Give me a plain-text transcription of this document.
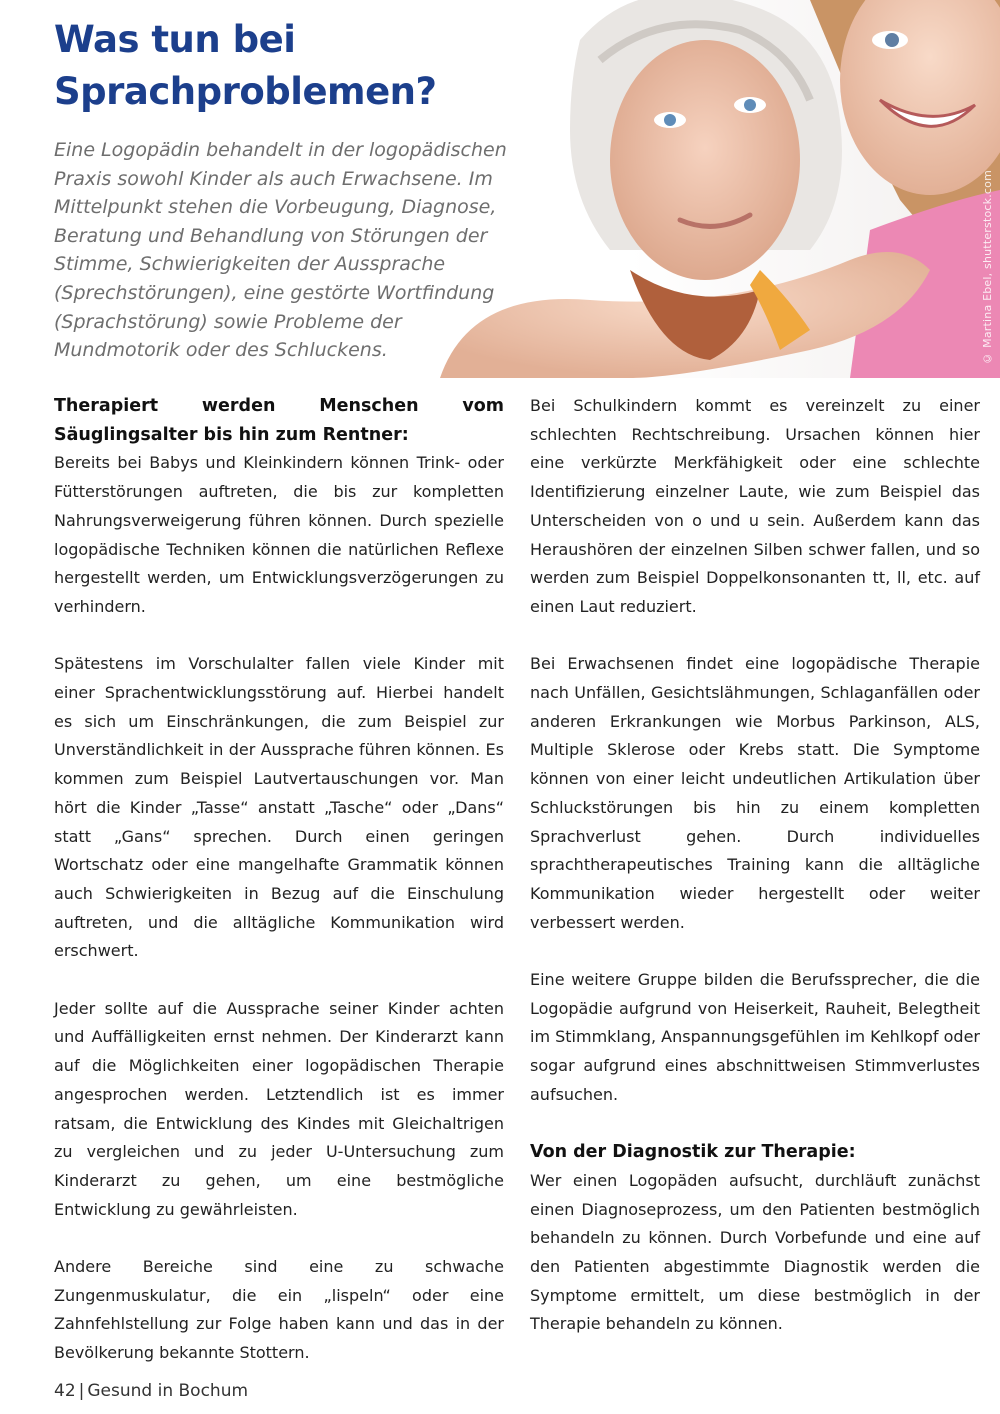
© Martina Ebel, shutterstock.com
Was tun bei
Sprachproblemen?

Eine Logopädin behandelt in der logopädischen Praxis sowohl Kinder als auch Erwachsene. Im Mittelpunkt stehen die Vorbeugung, Diagnose, Beratung und Behandlung von Störungen der Stimme, Schwierigkeiten der Aussprache (Sprechstörungen), eine gestörte Wortfindung (Sprachstörung) sowie Probleme der Mundmotorik oder des Schluckens.

Therapiert werden Menschen vom Säuglingsalter bis hin zum Rentner:

Bereits bei Babys und Kleinkindern können Trink- oder Fütterstörungen auftreten, die bis zur kompletten Nahrungsverweigerung führen können. Durch spezielle logopädische Techniken können die natürlichen Reflexe hergestellt werden, um Entwicklungsverzögerungen zu verhindern.

Spätestens im Vorschulalter fallen viele Kinder mit einer Sprachentwicklungsstörung auf. Hierbei handelt es sich um Einschränkungen, die zum Beispiel zur Unverständlichkeit in der Aussprache führen können. Es kommen zum Beispiel Lautvertauschungen vor. Man hört die Kinder „Tasse“ anstatt „Tasche“ oder „Dans“ statt „Gans“ sprechen. Durch einen geringen Wortschatz oder eine mangelhafte Grammatik können auch Schwierigkeiten in Bezug auf die Einschulung auftreten, und die alltägliche Kommunikation wird erschwert.

Jeder sollte auf die Aussprache seiner Kinder achten und Auffälligkeiten ernst nehmen. Der Kinderarzt kann auf die Möglichkeiten einer logopädischen Therapie angesprochen werden. Letztendlich ist es immer ratsam, die Entwicklung des Kindes mit Gleichaltrigen zu vergleichen und zu jeder U-Untersuchung zum Kinderarzt zu gehen, um eine bestmögliche Entwicklung zu gewährleisten.

Andere Bereiche sind eine zu schwache Zungenmuskulatur, die ein „lispeln“ oder eine Zahnfehlstellung zur Folge haben kann und das in der Bevölkerung bekannte Stottern.

Bei Schulkindern kommt es vereinzelt zu einer schlechten Rechtschreibung. Ursachen können hier eine verkürzte Merkfähigkeit oder eine schlechte Identifizierung einzelner Laute, wie zum Beispiel das Unterscheiden von o und u sein. Außerdem kann das Heraushören der einzelnen Silben schwer fallen, und so werden zum Beispiel Doppelkonsonanten tt, ll, etc. auf einen Laut reduziert.

Bei Erwachsenen findet eine logopädische Therapie nach Unfällen, Gesichtslähmungen, Schlaganfällen oder anderen Erkrankungen wie Morbus Parkinson, ALS, Multiple Sklerose oder Krebs statt. Die Symptome können von einer leicht undeutlichen Artikulation über Schluckstörungen bis hin zu einem kompletten Sprachverlust gehen. Durch individuelles sprachtherapeutisches Training kann die alltägliche Kommunikation wieder hergestellt oder weiter verbessert werden.

Eine weitere Gruppe bilden die Berufssprecher, die die Logopädie aufgrund von Heiserkeit, Rauheit, Belegtheit im Stimmklang, Anspannungsgefühlen im Kehlkopf oder sogar aufgrund eines abschnittweisen Stimmverlustes aufsuchen.

Von der Diagnostik zur Therapie:

Wer einen Logopäden aufsucht, durchläuft zunächst einen Diagnoseprozess, um den Patienten bestmöglich behandeln zu können. Durch Vorbefunde und eine auf den Patienten abgestimmte Diagnostik werden die Symptome ermittelt, um diese bestmöglich in der Therapie behandeln zu können.

42 | Gesund in Bochum
